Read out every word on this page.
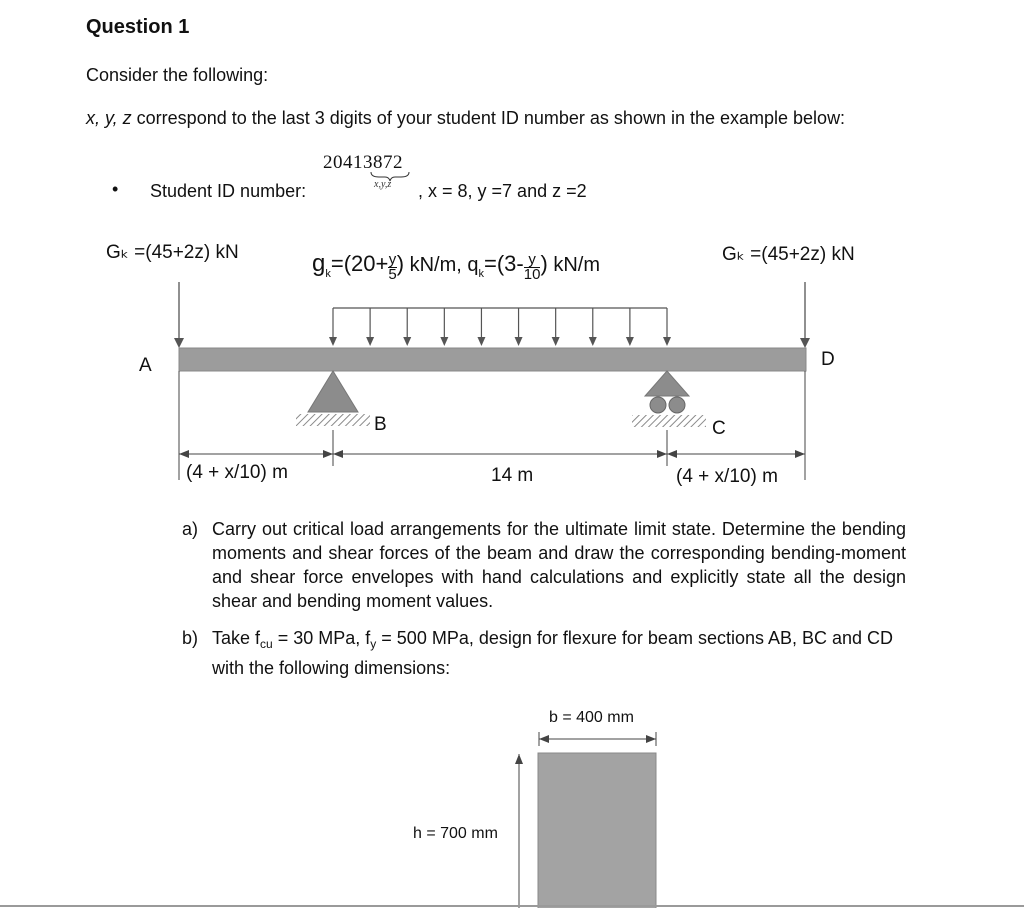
Question 1
Consider the following:
x, y, z correspond to the last 3 digits of your student ID number as shown in the example below:
• Student ID number:
20413872
x,y,z , x = 8, y =7 and z =2
Gₖ =(45+2z) kN	Gₖ =(45+2z) kN
$g_k=(20+ \frac{y}{5}$ ) kN/m, $q_k=(3- \frac{y}{10}$ ) kN/m
A
B	C
D
(4 + x/10) m	14 m	(4 + x/10) m
a) Carry out critical load arrangements for the ultimate limit state. Determine the bending moments and shear forces of the beam and draw the corresponding bending-moment and shear force envelopes with hand calculations and explicitly state all the design shear and bending moment values.
b) Take $f_{cu} = 30$ MPa, $f_y = 500$ MPa, design for flexure for beam sections AB, BC and CD with the following dimensions:
b = 400 mm
h = 700 mm
